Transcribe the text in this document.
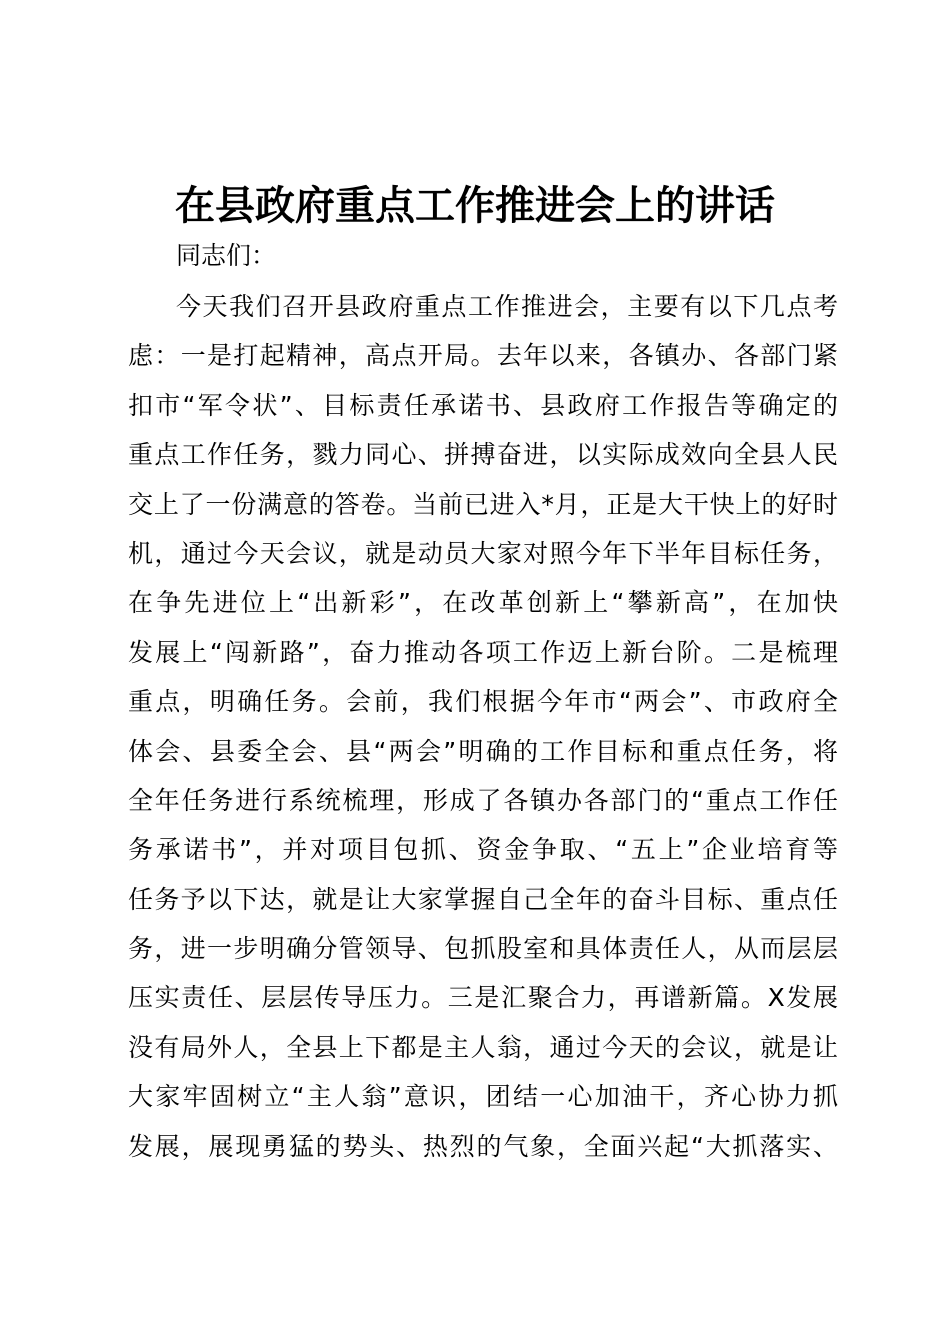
在县政府重点工作推进会上的讲话
同志们：
今天我们召开县政府重点工作推进会，主要有以下几点考
虑：一是打起精神，高点开局。去年以来，各镇办、各部门紧
扣市“军令状”、目标责任承诺书、县政府工作报告等确定的
重点工作任务，戮力同心、拼搏奋进，以实际成效向全县人民
交上了一份满意的答卷。当前已进入*月，正是大干快上的好时
机，通过今天会议，就是动员大家对照今年下半年目标任务，
在争先进位上“出新彩”，在改革创新上“攀新高”，在加快
发展上“闯新路”，奋力推动各项工作迈上新台阶。二是梳理
重点，明确任务。会前，我们根据今年市“两会”、市政府全
体会、县委全会、县“两会”明确的工作目标和重点任务，将
全年任务进行系统梳理，形成了各镇办各部门的“重点工作任
务承诺书”，并对项目包抓、资金争取、“五上”企业培育等
任务予以下达，就是让大家掌握自己全年的奋斗目标、重点任
务，进一步明确分管领导、包抓股室和具体责任人，从而层层
压实责任、层层传导压力。三是汇聚合力，再谱新篇。X发展
没有局外人，全县上下都是主人翁，通过今天的会议，就是让
大家牢固树立“主人翁”意识，团结一心加油干，齐心协力抓
发展，展现勇猛的势头、热烈的气象，全面兴起“大抓落实、
